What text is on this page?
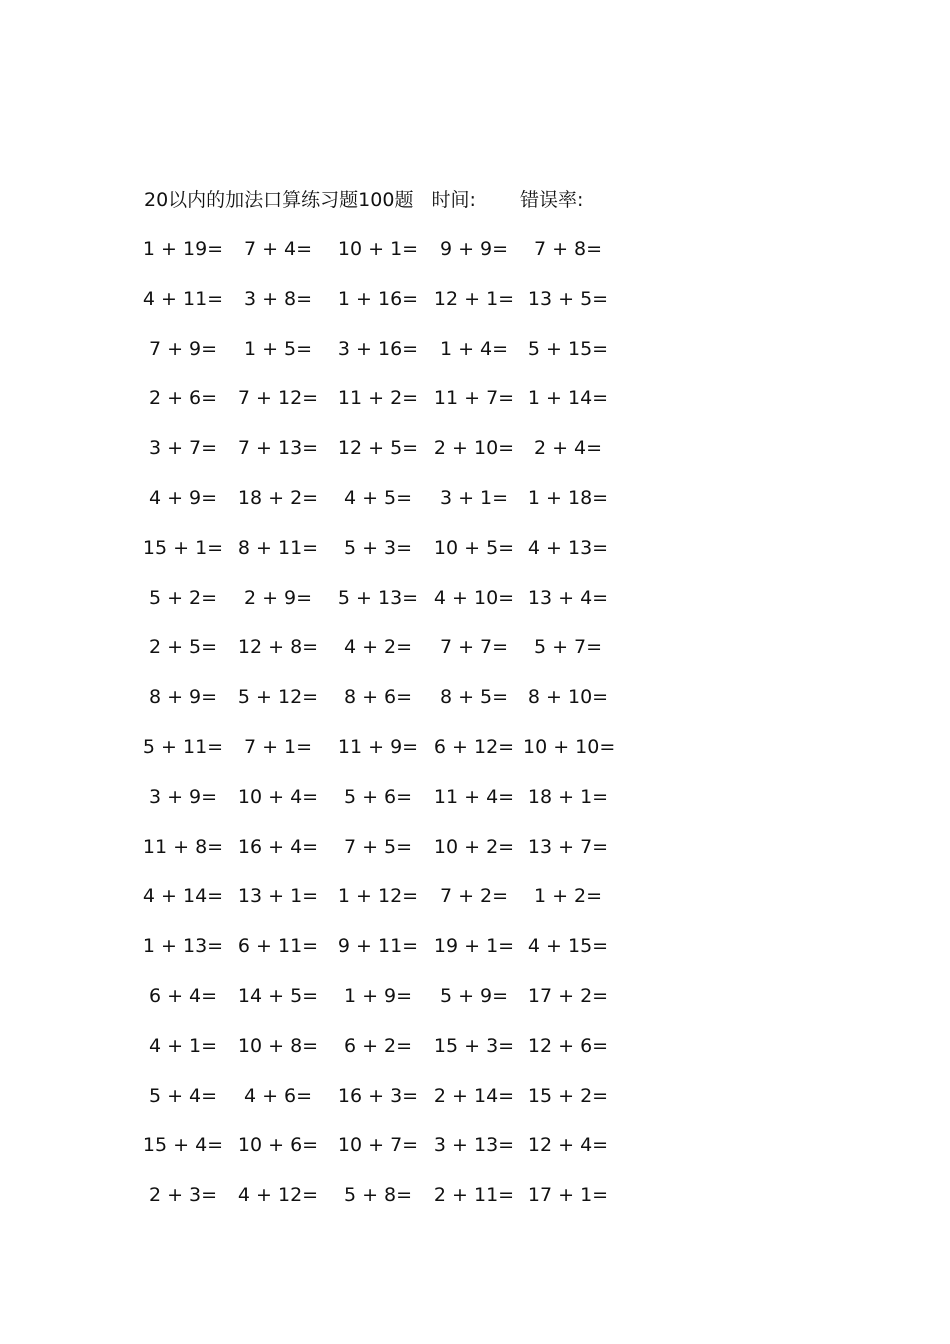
20以内的加法口算练习题100题 时间: 错误率:
1 + 19=	7 + 4=	10 + 1=	9 + 9=	7 + 8=
4 + 11=	3 + 8=	1 + 16= 12 + 1= 13 + 5=
7 + 9=	1 + 5=	3 + 16=	1 + 4=	5 + 15=
2 + 6=	7 + 12= 11 + 2= 11 + 7= 1 + 14=
3 + 7=	7 + 13= 12 + 5= 2 + 10=	2 + 4=
4 + 9=	18 + 2=	4 + 5=	3 + 1=	1 + 18=
15 + 1= 8 + 11=	5 + 3=	10 + 5= 4 + 13=
5 + 2=	2 + 9=	5 + 13= 4 + 10= 13 + 4=
2 + 5=	12 + 8=	4 + 2=	7 + 7=	5 + 7=
8 + 9=	5 + 12=	8 + 6=	8 + 5=	8 + 10=
5 + 11=	7 + 1=	11 + 9= 6 + 12= 10 + 10=
3 + 9=	10 + 4=	5 + 6=	11 + 4= 18 + 1=
11 + 8= 16 + 4=	7 + 5=	10 + 2= 13 + 7=
4 + 14= 13 + 1= 1 + 12=	7 + 2=	1 + 2=
1 + 13= 6 + 11= 9 + 11= 19 + 1= 4 + 15=
6 + 4=	14 + 5=	1 + 9=	5 + 9=	17 + 2=
4 + 1=	10 + 8=	6 + 2=	15 + 3= 12 + 6=
5 + 4=	4 + 6=	16 + 3= 2 + 14= 15 + 2=
15 + 4= 10 + 6= 10 + 7= 3 + 13= 12 + 4=
2 + 3=	4 + 12=	5 + 8=	2 + 11= 17 + 1=
